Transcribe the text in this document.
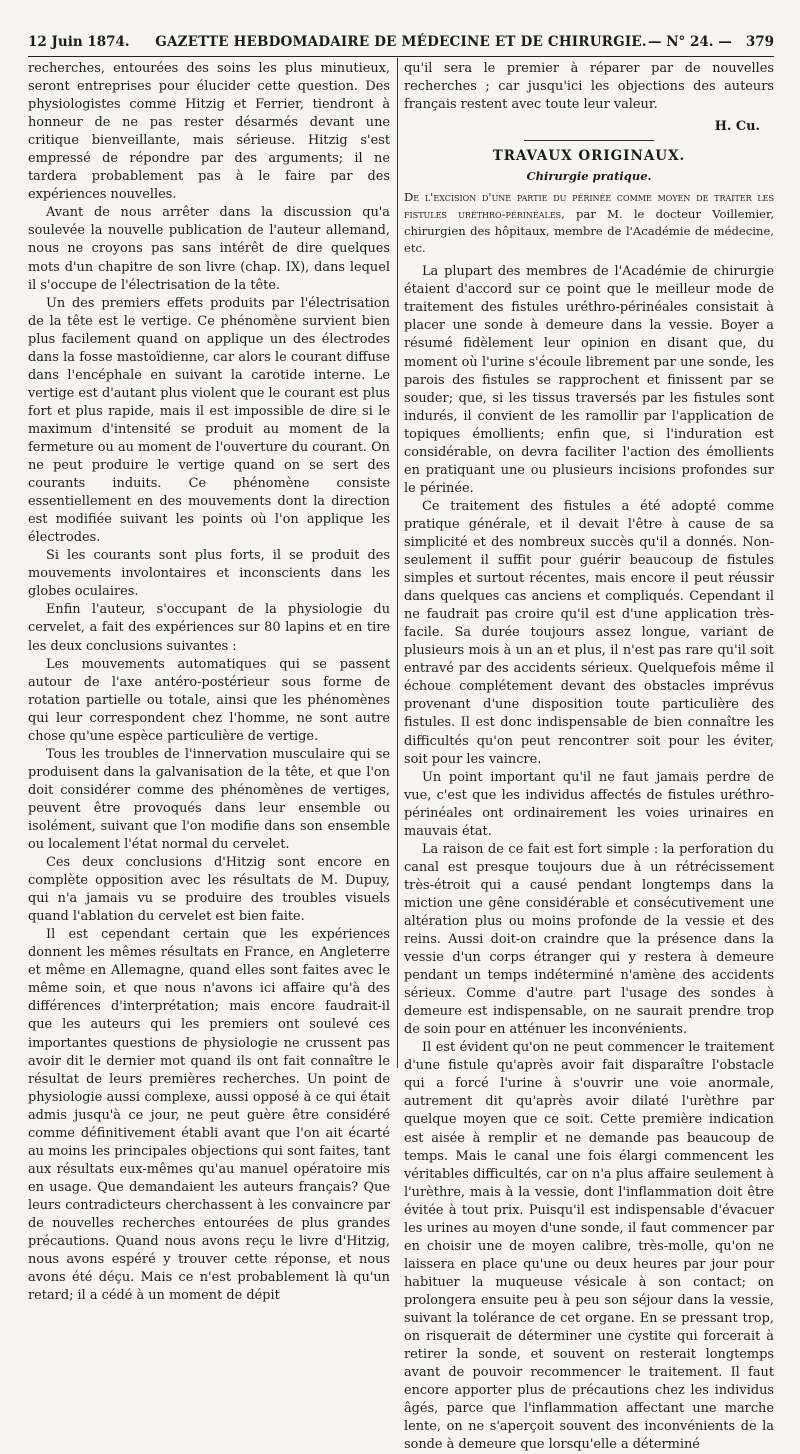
12 Juin 1874.	GAZETTE HEBDOMADAIRE DE MÉDECINE ET DE CHIRURGIE. — N° 24. — 379

recherches, entourées des soins les plus minutieux, seront entreprises pour élucider cette question. Des physiologistes comme Hitzig et Ferrier, tiendront à honneur de ne pas rester désarmés devant une critique bienveillante, mais sérieuse. Hitzig s'est empressé de répondre par des arguments; il ne tardera probablement pas à le faire par des expériences nouvelles.

Avant de nous arrêter dans la discussion qu'a soulevée la nouvelle publication de l'auteur allemand, nous ne croyons pas sans intérêt de dire quelques mots d'un chapitre de son livre (chap. IX), dans lequel il s'occupe de l'électrisation de la tête.

Un des premiers effets produits par l'électrisation de la tête est le vertige. Ce phénomène survient bien plus facilement quand on applique un des électrodes dans la fosse mastoïdienne, car alors le courant diffuse dans l'encéphale en suivant la carotide interne. Le vertige est d'autant plus violent que le courant est plus fort et plus rapide, mais il est impossible de dire si le maximum d'intensité se produit au moment de la fermeture ou au moment de l'ouverture du courant. On ne peut produire le vertige quand on se sert des courants induits. Ce phénomène consiste essentiellement en des mouvements dont la direction est modifiée suivant les points où l'on applique les électrodes.

Si les courants sont plus forts, il se produit des mouvements involontaires et inconscients dans les globes oculaires.

Enfin l'auteur, s'occupant de la physiologie du cervelet, a fait des expériences sur 80 lapins et en tire les deux conclusions suivantes :

Les mouvements automatiques qui se passent autour de l'axe antéro-postérieur sous forme de rotation partielle ou totale, ainsi que les phénomènes qui leur correspondent chez l'homme, ne sont autre chose qu'une espèce particulière de vertige.

Tous les troubles de l'innervation musculaire qui se produisent dans la galvanisation de la tête, et que l'on doit considérer comme des phénomènes de vertiges, peuvent être provoqués dans leur ensemble ou isolément, suivant que l'on modifie dans son ensemble ou localement l'état normal du cervelet.

Ces deux conclusions d'Hitzig sont encore en complète opposition avec les résultats de M. Dupuy, qui n'a jamais vu se produire des troubles visuels quand l'ablation du cervelet est bien faite.

Il est cependant certain que les expériences donnent les mêmes résultats en France, en Angleterre et même en Allemagne, quand elles sont faites avec le même soin, et que nous n'avons ici affaire qu'à des différences d'interprétation; mais encore faudrait-il que les auteurs qui les premiers ont soulevé ces importantes questions de physiologie ne crussent pas avoir dit le dernier mot quand ils ont fait connaître le résultat de leurs premières recherches. Un point de physiologie aussi complexe, aussi opposé à ce qui était admis jusqu'à ce jour, ne peut guère être considéré comme définitivement établi avant que l'on ait écarté au moins les principales objections qui sont faites, tant aux résultats eux-mêmes qu'au manuel opératoire mis en usage. Que demandaient les auteurs français? Que leurs contradicteurs cherchassent à les convaincre par de nouvelles recherches entourées de plus grandes précautions. Quand nous avons reçu le livre d'Hitzig, nous avons espéré y trouver cette réponse, et nous avons été déçu. Mais ce n'est probablement là qu'un retard; il a cédé à un moment de dépit

qu'il sera le premier à réparer par de nouvelles recherches ; car jusqu'ici les objections des auteurs français restent avec toute leur valeur.

H. Cu.
TRAVAUX ORIGINAUX.
Chirurgie pratique.

De l'excision d'une partie du périnée comme moyen de traiter les fistules uréthro-périnéales, par M. le docteur Voillemier, chirurgien des hôpitaux, membre de l'Académie de médecine, etc.

La plupart des membres de l'Académie de chirurgie étaient d'accord sur ce point que le meilleur mode de traitement des fistules uréthro-périnéales consistait à placer une sonde à demeure dans la vessie. Boyer a résumé fidèlement leur opinion en disant que, du moment où l'urine s'écoule librement par une sonde, les parois des fistules se rapprochent et finissent par se souder; que, si les tissus traversés par les fistules sont indurés, il convient de les ramollir par l'application de topiques émollients; enfin que, si l'induration est considérable, on devra faciliter l'action des émollients en pratiquant une ou plusieurs incisions profondes sur le périnée.

Ce traitement des fistules a été adopté comme pratique générale, et il devait l'être à cause de sa simplicité et des nombreux succès qu'il a donnés. Non-seulement il suffit pour guérir beaucoup de fistules simples et surtout récentes, mais encore il peut réussir dans quelques cas anciens et compliqués. Cependant il ne faudrait pas croire qu'il est d'une application très-facile. Sa durée toujours assez longue, variant de plusieurs mois à un an et plus, il n'est pas rare qu'il soit entravé par des accidents sérieux. Quelquefois même il échoue complétement devant des obstacles imprévus provenant d'une disposition toute particulière des fistules. Il est donc indispensable de bien connaître les difficultés qu'on peut rencontrer soit pour les éviter, soit pour les vaincre.

Un point important qu'il ne faut jamais perdre de vue, c'est que les individus affectés de fistules uréthro-périnéales ont ordinairement les voies urinaires en mauvais état.

La raison de ce fait est fort simple : la perforation du canal est presque toujours due à un rétrécissement très-étroit qui a causé pendant longtemps dans la miction une gêne considérable et consécutivement une altération plus ou moins profonde de la vessie et des reins. Aussi doit-on craindre que la présence dans la vessie d'un corps étranger qui y restera à demeure pendant un temps indéterminé n'amène des accidents sérieux. Comme d'autre part l'usage des sondes à demeure est indispensable, on ne saurait prendre trop de soin pour en atténuer les inconvénients.

Il est évident qu'on ne peut commencer le traitement d'une fistule qu'après avoir fait disparaître l'obstacle qui a forcé l'urine à s'ouvrir une voie anormale, autrement dit qu'après avoir dilaté l'urèthre par quelque moyen que ce soit. Cette première indication est aisée à remplir et ne demande pas beaucoup de temps. Mais le canal une fois élargi commencent les véritables difficultés, car on n'a plus affaire seulement à l'urèthre, mais à la vessie, dont l'inflammation doit être évitée à tout prix. Puisqu'il est indispensable d'évacuer les urines au moyen d'une sonde, il faut commencer par en choisir une de moyen calibre, très-molle, qu'on ne laissera en place qu'une ou deux heures par jour pour habituer la muqueuse vésicale à son contact; on prolongera ensuite peu à peu son séjour dans la vessie, suivant la tolérance de cet organe. En se pressant trop, on risquerait de déterminer une cystite qui forcerait à retirer la sonde, et souvent on resterait longtemps avant de pouvoir recommencer le traitement. Il faut encore apporter plus de précautions chez les individus âgés, parce que l'inflammation affectant une marche lente, on ne s'aperçoit souvent des inconvénients de la sonde à demeure que lorsqu'elle a déterminé
